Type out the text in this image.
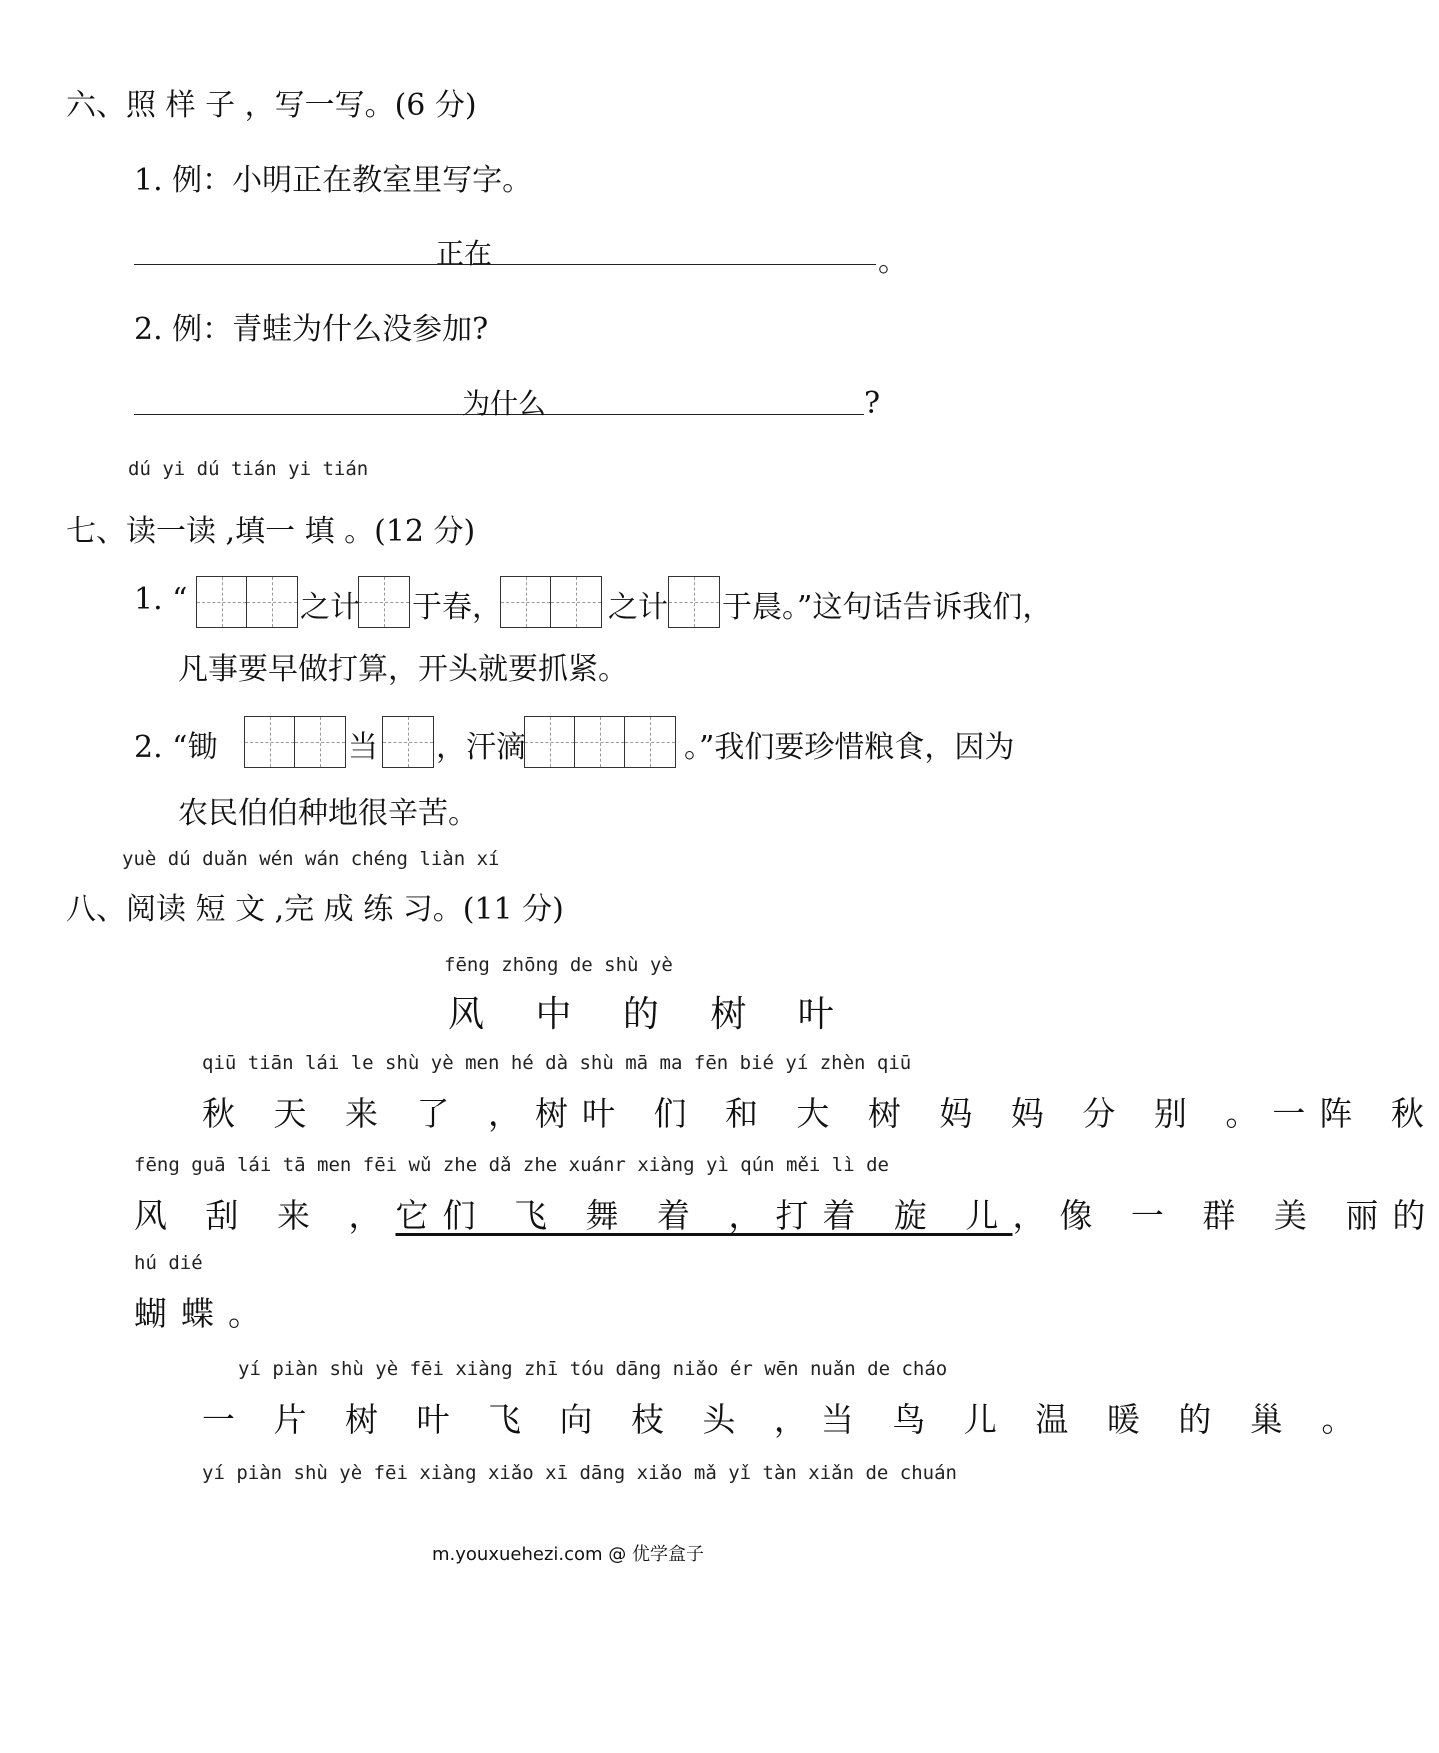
六、照 样 子 ，写一写。(6 分)
1. 例：小明正在教室里写字。
正在	。
2. 例：青蛙为什么没参加?
为什么	?
dú yi dú tián yi tián
七、读一读 ,填一 填 。(12 分)
1. “	之计 于春，	之计 于晨。”这句话告诉我们，
凡事要早做打算，开头就要抓紧。
2. “锄	当 ，汗滴	。”我们要珍惜粮食，因为
农民伯伯种地很辛苦。
yuè dú duǎn wén wán chéng liàn xí
八、阅读 短 文 ,完 成 练 习。(11 分)
fēng zhōng de shù yè
风 中 的 树 叶
qiū tiān lái le shù yè men hé dà shù mā ma fēn bié yí zhèn qiū
秋 天 来 了 ，树叶 们 和 大 树 妈 妈 分 别 。一阵 秋
fēng guā lái tā men fēi wǔ zhe dǎ zhe xuánr xiàng yì qún měi lì de
风 刮 来 ，它们 飞 舞 着 ，打着 旋 儿，像 一 群 美 丽的
hú dié
蝴蝶。
yí piàn shù yè fēi xiàng zhī tóu dāng niǎo ér wēn nuǎn de cháo
一 片 树 叶 飞 向 枝 头 ，当 鸟 儿 温 暖 的 巢 。
yí piàn shù yè fēi xiàng xiǎo xī dāng xiǎo mǎ yǐ tàn xiǎn de chuán
m.youxuehezi.com @ 优学盒子
